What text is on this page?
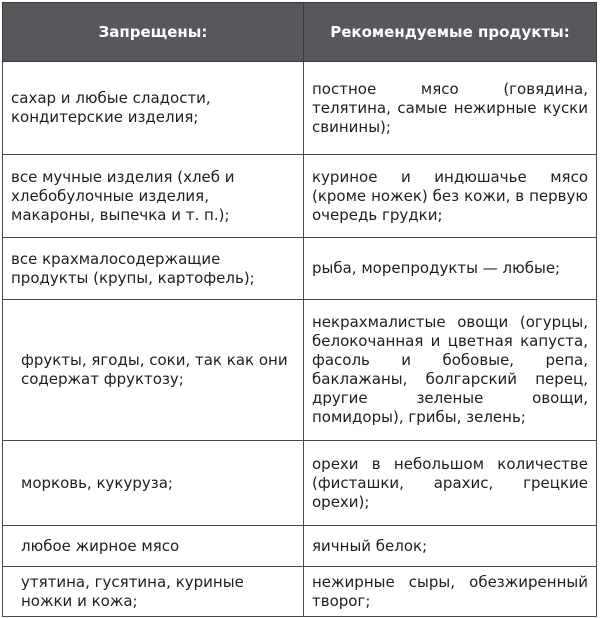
Запрещены:	Рекомендуемые продукты:
сахар и любые сладости, кондитерские изделия;	постное мясо (говядина, телятина, самые нежирные куски свинины);
все мучные изделия (хлеб и хлебобулочные изделия, макароны, выпечка и т. п.);	куриное и индюшачье мясо (кроме ножек) без кожи, в первую очередь грудки;
все крахмалосодержащие продукты (крупы, картофель);	рыба, морепродукты — любые;
фрукты, ягоды, соки, так как они содержат фруктозу;	некрахмалистые овощи (огурцы, белокочанная и цветная капуста, фасоль и бобовые, репа, баклажаны, болгарский перец, другие зеленые овощи, помидоры), грибы, зелень;
морковь, кукуруза;	орехи в небольшом количестве (фисташки, арахис, грецкие орехи);
любое жирное мясо	яичный белок;
утятина, гусятина, куриные ножки и кожа;	нежирные сыры, обезжиренный творог;
